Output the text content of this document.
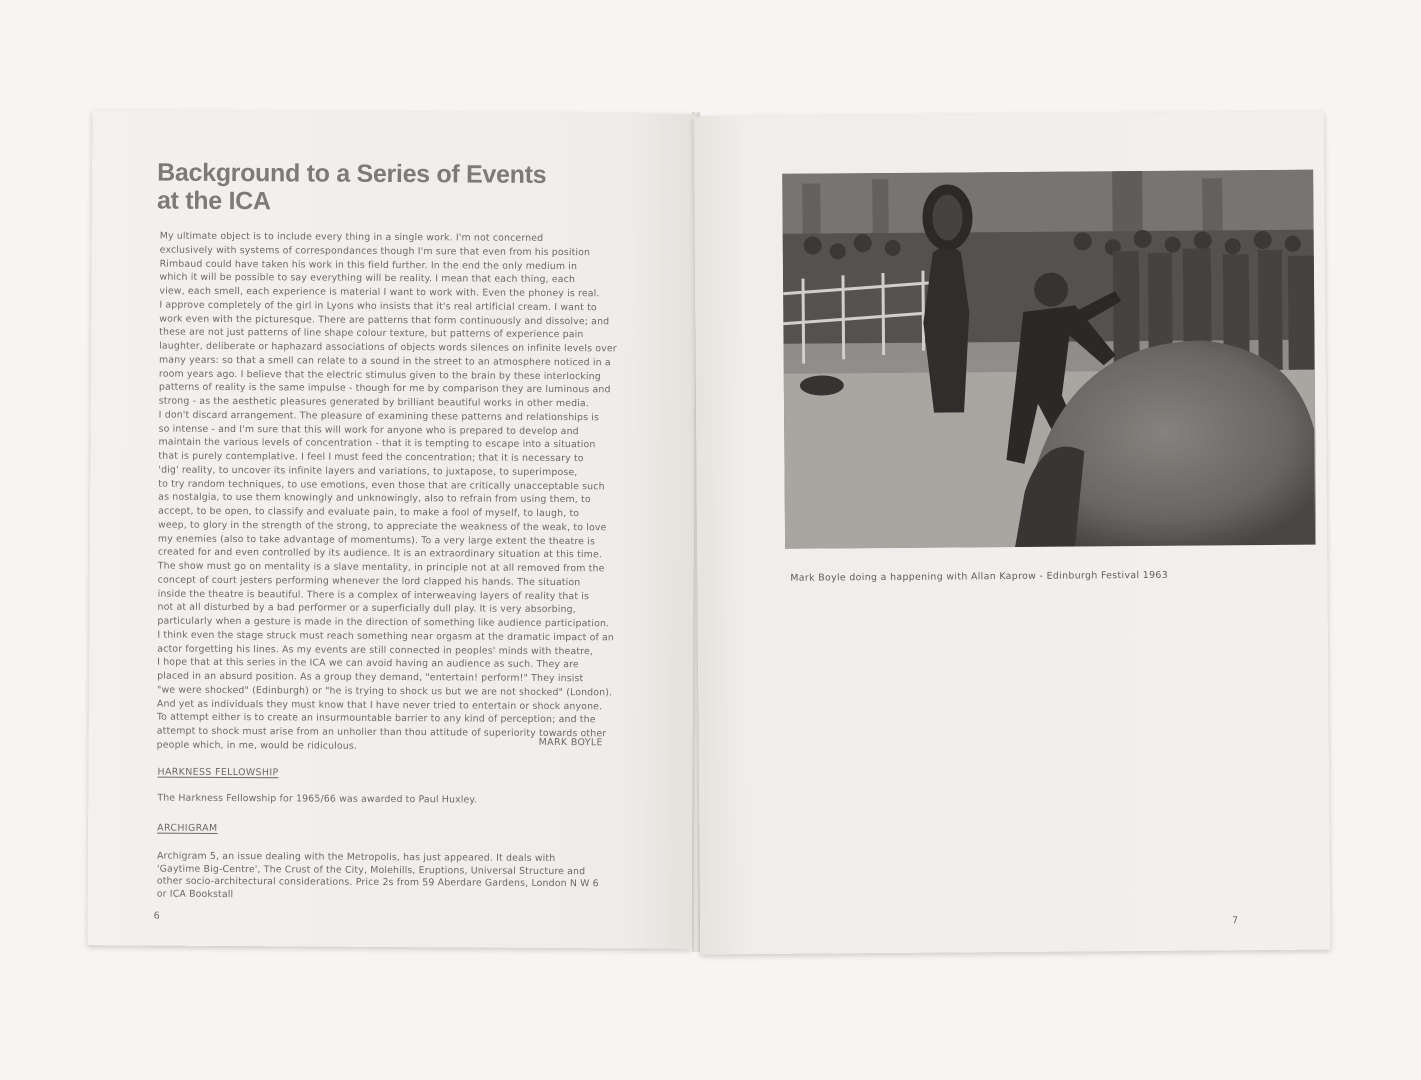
Background to a Series of Events
at the ICA
My ultimate object is to include every thing in a single work. I'm not concerned
exclusively with systems of correspondances though I'm sure that even from his position
Rimbaud could have taken his work in this field further. In the end the only medium in
which it will be possible to say everything will be reality. I mean that each thing, each
view, each smell, each experience is material I want to work with. Even the phoney is real.
I approve completely of the girl in Lyons who insists that it's real artificial cream. I want to
work even with the picturesque. There are patterns that form continuously and dissolve; and
these are not just patterns of line shape colour texture, but patterns of experience pain
laughter, deliberate or haphazard associations of objects words silences on infinite levels over
many years: so that a smell can relate to a sound in the street to an atmosphere noticed in a
room years ago. I believe that the electric stimulus given to the brain by these interlocking
patterns of reality is the same impulse - though for me by comparison they are luminous and
strong - as the aesthetic pleasures generated by brilliant beautiful works in other media.
I don't discard arrangement. The pleasure of examining these patterns and relationships is
so intense - and I'm sure that this will work for anyone who is prepared to develop and
maintain the various levels of concentration - that it is tempting to escape into a situation
that is purely contemplative. I feel I must feed the concentration; that it is necessary to
'dig' reality, to uncover its infinite layers and variations, to juxtapose, to superimpose,
to try random techniques, to use emotions, even those that are critically unacceptable such
as nostalgia, to use them knowingly and unknowingly, also to refrain from using them, to
accept, to be open, to classify and evaluate pain, to make a fool of myself, to laugh, to
weep, to glory in the strength of the strong, to appreciate the weakness of the weak, to love
my enemies (also to take advantage of momentums). To a very large extent the theatre is
created for and even controlled by its audience. It is an extraordinary situation at this time.
The show must go on mentality is a slave mentality, in principle not at all removed from the
concept of court jesters performing whenever the lord clapped his hands. The situation
inside the theatre is beautiful. There is a complex of interweaving layers of reality that is
not at all disturbed by a bad performer or a superficially dull play. It is very absorbing,
particularly when a gesture is made in the direction of something like audience participation.
I think even the stage struck must reach something near orgasm at the dramatic impact of an
actor forgetting his lines. As my events are still connected in peoples' minds with theatre,
I hope that at this series in the ICA we can avoid having an audience as such. They are
placed in an absurd position. As a group they demand, "entertain! perform!" They insist
"we were shocked" (Edinburgh) or "he is trying to shock us but we are not shocked" (London).
And yet as individuals they must know that I have never tried to entertain or shock anyone.
To attempt either is to create an insurmountable barrier to any kind of perception; and the
attempt to shock must arise from an unholier than thou attitude of superiority towards other
people which, in me, would be ridiculous.	MARK BOYLE
HARKNESS FELLOWSHIP
The Harkness Fellowship for 1965/66 was awarded to Paul Huxley.
ARCHIGRAM
Archigram 5, an issue dealing with the Metropolis, has just appeared. It deals with
'Gaytime Big-Centre', The Crust of the City, Molehills, Eruptions, Universal Structure and
other socio-architectural considerations. Price 2s from 59 Aberdare Gardens, London N W 6
or ICA Bookstall
6
Mark Boyle doing a happening with Allan Kaprow - Edinburgh Festival 1963
7
